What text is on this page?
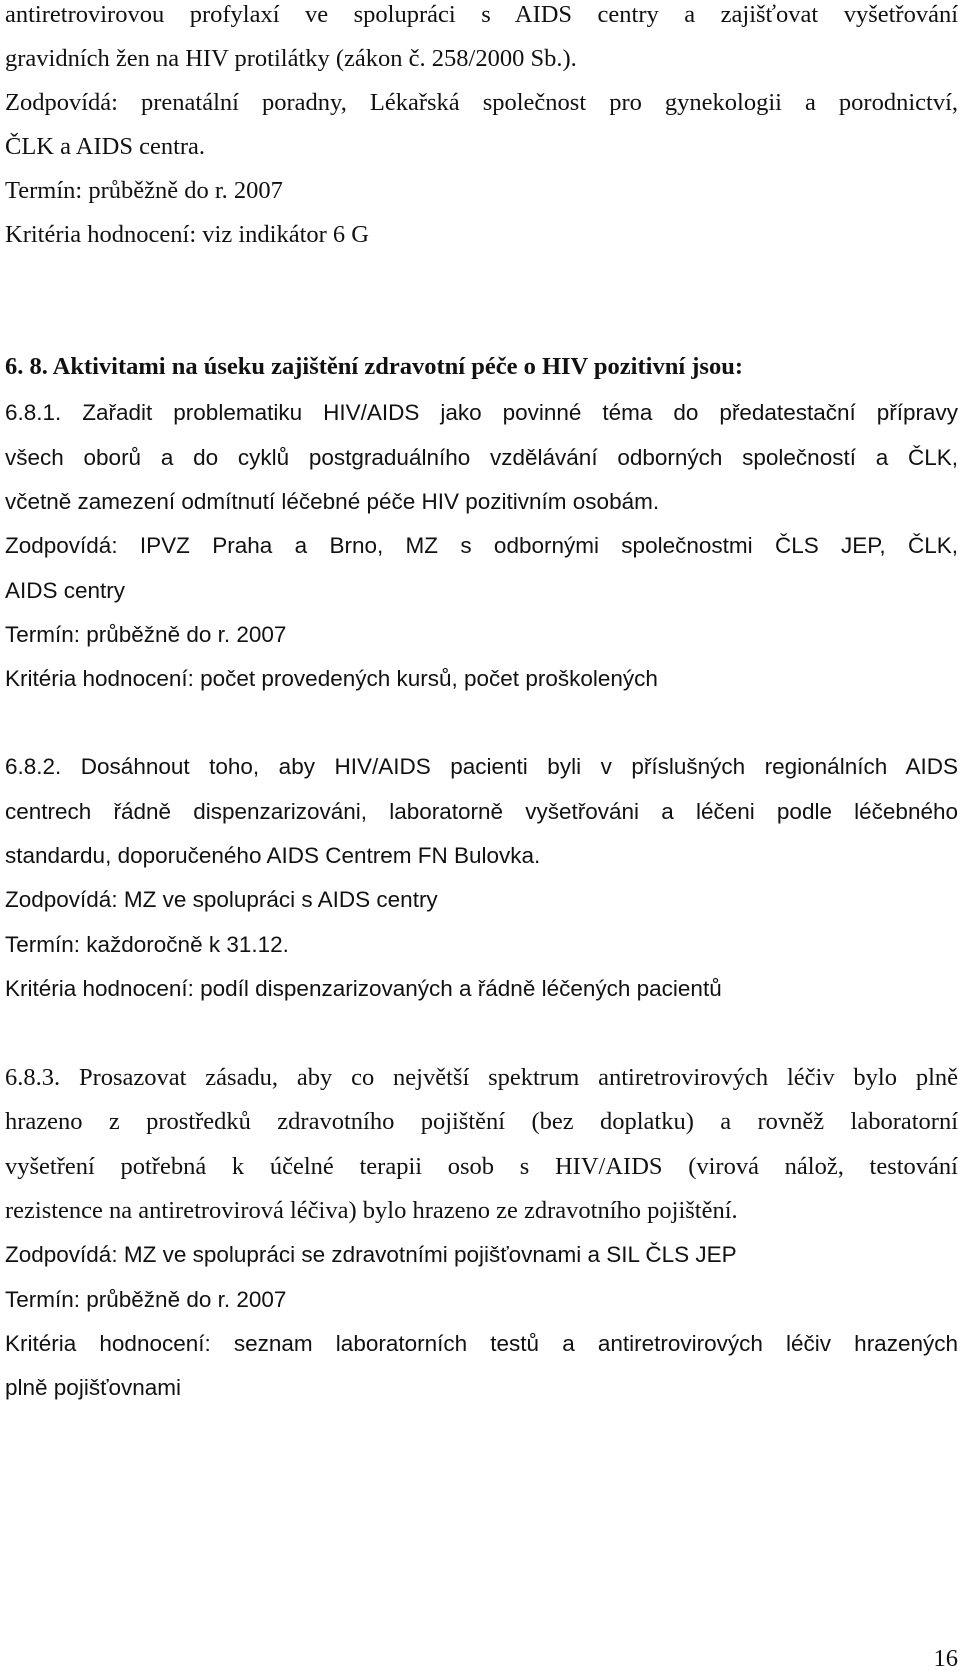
antiretrovirovou profylaxí ve spolupráci s AIDS centry a zajišťovat vyšetřování

gravidních žen na HIV protilátky (zákon č. 258/2000 Sb.).

Zodpovídá: prenatální poradny, Lékařská společnost pro gynekologii a porodnictví,

ČLK a AIDS centra.

Termín: průběžně do r. 2007

Kritéria hodnocení: viz indikátor 6 G

6. 8. Aktivitami na úseku zajištění zdravotní péče o HIV pozitivní jsou:

6.8.1. Zařadit problematiku HIV/AIDS jako povinné téma do předatestační přípravy

všech oborů a do cyklů postgraduálního vzdělávání odborných společností a ČLK,

včetně zamezení odmítnutí léčebné péče HIV pozitivním osobám.

Zodpovídá: IPVZ Praha a Brno, MZ s odbornými společnostmi ČLS JEP, ČLK,

AIDS centry

Termín: průběžně do r. 2007

Kritéria hodnocení: počet provedených kursů, počet proškolených

6.8.2. Dosáhnout toho, aby HIV/AIDS pacienti byli v příslušných regionálních AIDS

centrech řádně dispenzarizováni, laboratorně vyšetřováni a léčeni podle léčebného

standardu, doporučeného AIDS Centrem FN Bulovka.

Zodpovídá: MZ ve spolupráci s AIDS centry

Termín: každoročně k 31.12.

Kritéria hodnocení: podíl dispenzarizovaných a řádně léčených pacientů

6.8.3. Prosazovat zásadu, aby co největší spektrum antiretrovirových léčiv bylo plně

hrazeno z prostředků zdravotního pojištění (bez doplatku) a rovněž laboratorní

vyšetření potřebná k účelné terapii osob s HIV/AIDS (virová nálož, testování

rezistence na antiretrovirová léčiva) bylo hrazeno ze zdravotního pojištění.

Zodpovídá: MZ ve spolupráci se zdravotními pojišťovnami a SIL ČLS JEP

Termín: průběžně do r. 2007

Kritéria hodnocení: seznam laboratorních testů a antiretrovirových léčiv hrazených

plně pojišťovnami

16
